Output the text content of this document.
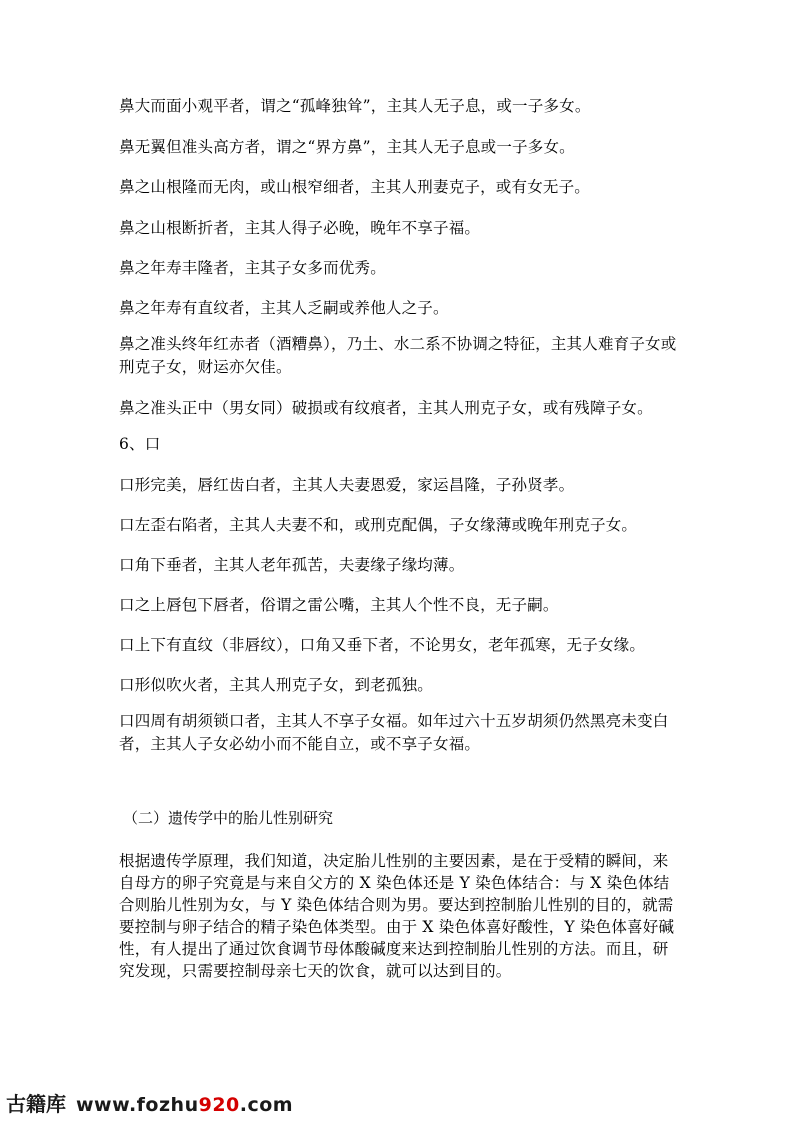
鼻大而面小观平者，谓之“孤峰独耸”，主其人无子息，或一子多女。
鼻无翼但准头高方者，谓之“界方鼻”，主其人无子息或一子多女。
鼻之山根隆而无肉，或山根窄细者，主其人刑妻克子，或有女无子。
鼻之山根断折者，主其人得子必晚，晚年不享子福。
鼻之年寿丰隆者，主其子女多而优秀。
鼻之年寿有直纹者，主其人乏嗣或养他人之子。
鼻之准头终年红赤者（酒糟鼻），乃土、水二系不协调之特征，主其人难育子女或刑克子女，财运亦欠佳。
鼻之准头正中（男女同）破损或有纹痕者，主其人刑克子女，或有残障子女。
6、口
口形完美，唇红齿白者，主其人夫妻恩爱，家运昌隆，子孙贤孝。
口左歪右陷者，主其人夫妻不和，或刑克配偶，子女缘薄或晚年刑克子女。
口角下垂者，主其人老年孤苦，夫妻缘子缘均薄。
口之上唇包下唇者，俗谓之雷公嘴，主其人个性不良，无子嗣。
口上下有直纹（非唇纹），口角又垂下者，不论男女，老年孤寒，无子女缘。
口形似吹火者，主其人刑克子女，到老孤独。
口四周有胡须锁口者，主其人不享子女福。如年过六十五岁胡须仍然黑亮未变白者，主其人子女必幼小而不能自立，或不享子女福。
（二）遗传学中的胎儿性别研究
根据遗传学原理，我们知道，决定胎儿性别的主要因素，是在于受精的瞬间，来自母方的卵子究竟是与来自父方的 X 染色体还是 Y 染色体结合：与 X 染色体结合则胎儿性别为女，与 Y 染色体结合则为男。要达到控制胎儿性别的目的，就需要控制与卵子结合的精子染色体类型。由于 X 染色体喜好酸性，Y 染色体喜好碱性，有人提出了通过饮食调节母体酸碱度来达到控制胎儿性别的方法。而且，研究发现，只需要控制母亲七天的饮食，就可以达到目的。
古籍库 www.fozhu920.com
